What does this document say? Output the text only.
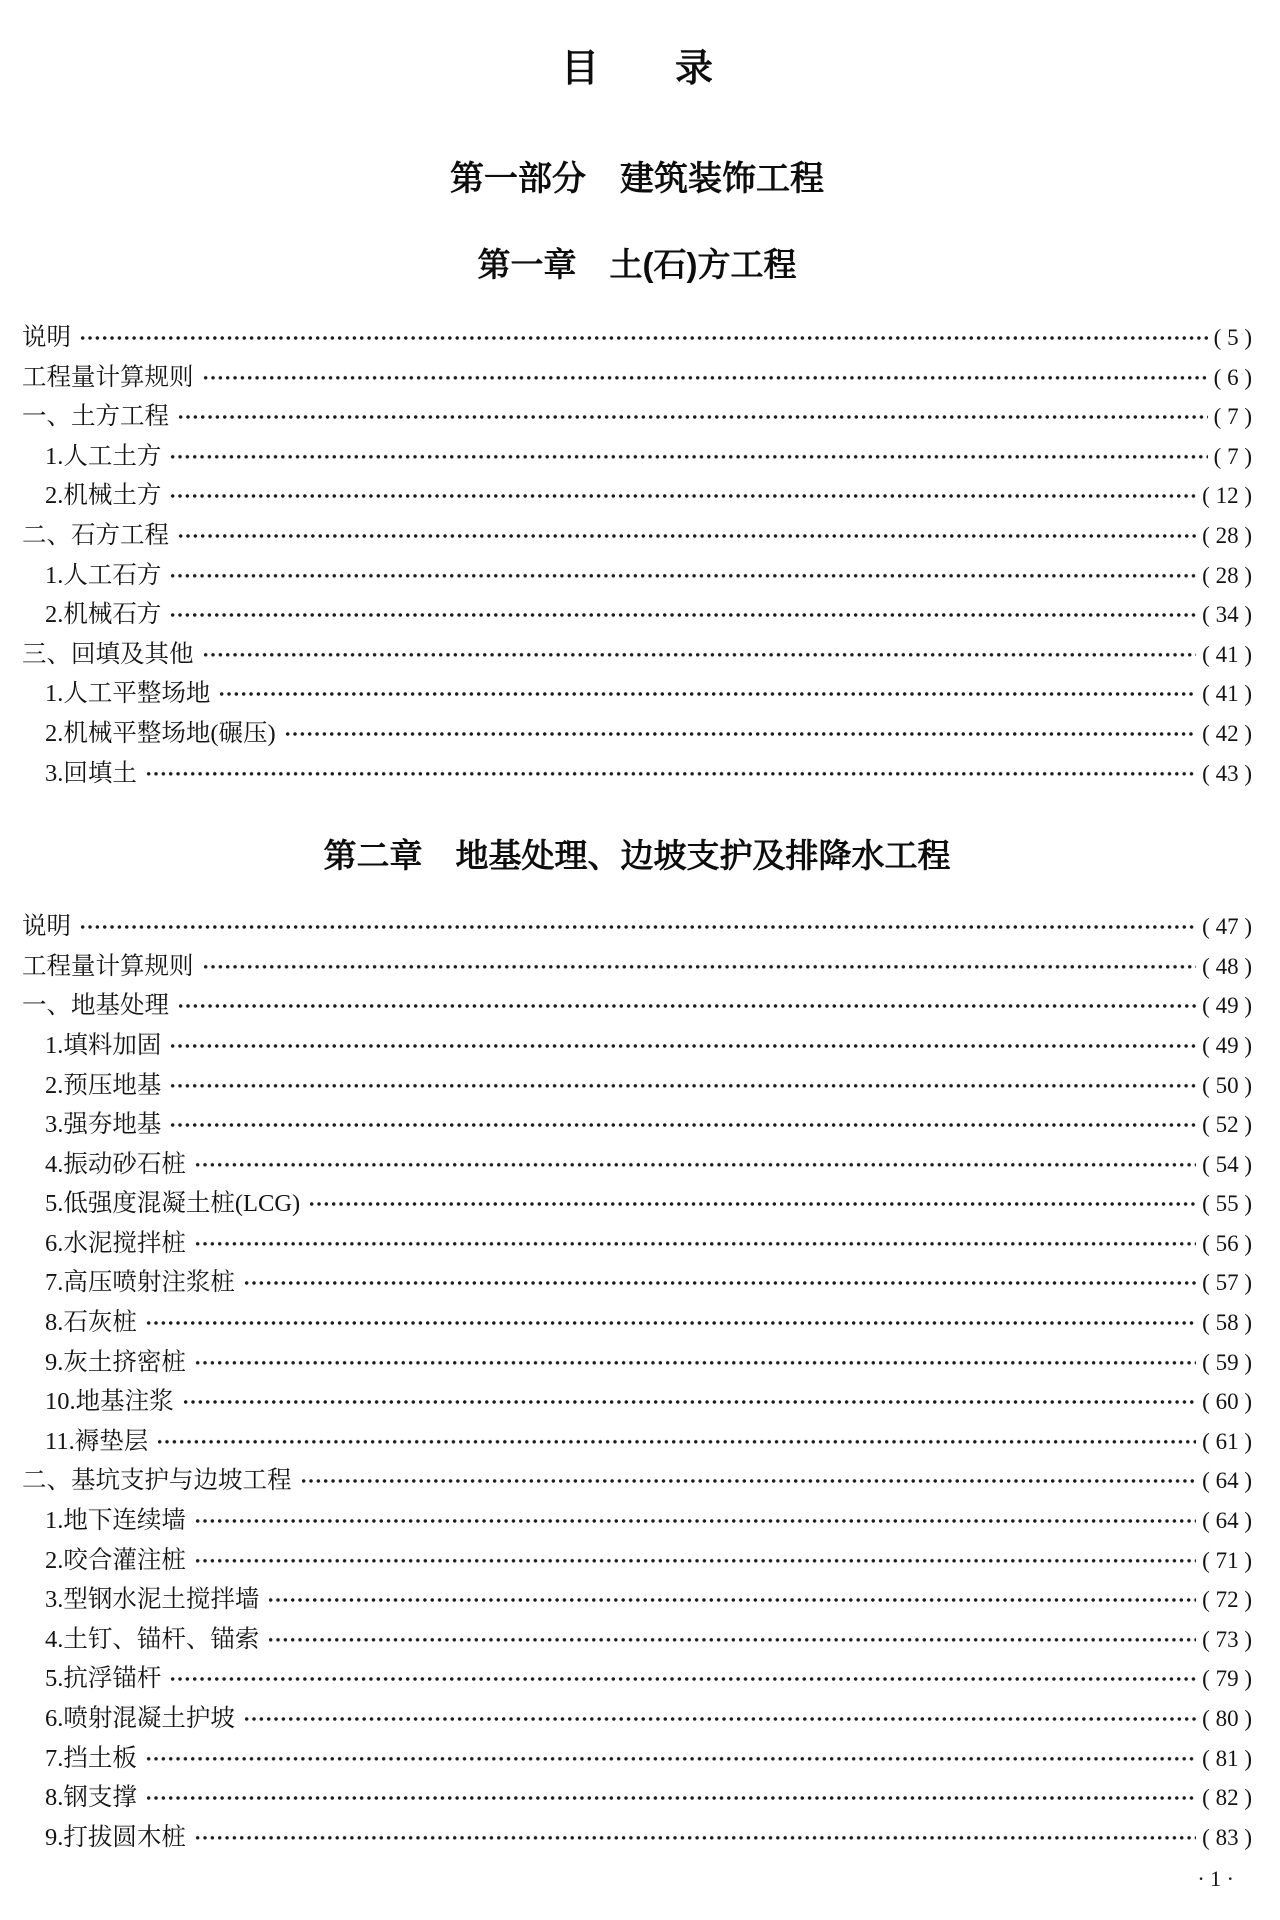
目　　录
第一部分　建筑装饰工程
第一章　土(石)方工程
说明	( 5 )
工程量计算规则	( 6 )
一、土方工程	( 7 )
1.人工土方	( 7 )
2.机械土方	( 12 )
二、石方工程	( 28 )
1.人工石方	( 28 )
2.机械石方	( 34 )
三、回填及其他	( 41 )
1.人工平整场地	( 41 )
2.机械平整场地(碾压)	( 42 )
3.回填土	( 43 )
第二章　地基处理、边坡支护及排降水工程
说明	( 47 )
工程量计算规则	( 48 )
一、地基处理	( 49 )
1.填料加固	( 49 )
2.预压地基	( 50 )
3.强夯地基	( 52 )
4.振动砂石桩	( 54 )
5.低强度混凝土桩(LCG)	( 55 )
6.水泥搅拌桩	( 56 )
7.高压喷射注浆桩	( 57 )
8.石灰桩	( 58 )
9.灰土挤密桩	( 59 )
10.地基注浆	( 60 )
11.褥垫层	( 61 )
二、基坑支护与边坡工程	( 64 )
1.地下连续墙	( 64 )
2.咬合灌注桩	( 71 )
3.型钢水泥土搅拌墙	( 72 )
4.土钉、锚杆、锚索	( 73 )
5.抗浮锚杆	( 79 )
6.喷射混凝土护坡	( 80 )
7.挡土板	( 81 )
8.钢支撑	( 82 )
9.打拔圆木桩	( 83 )
· 1 ·
